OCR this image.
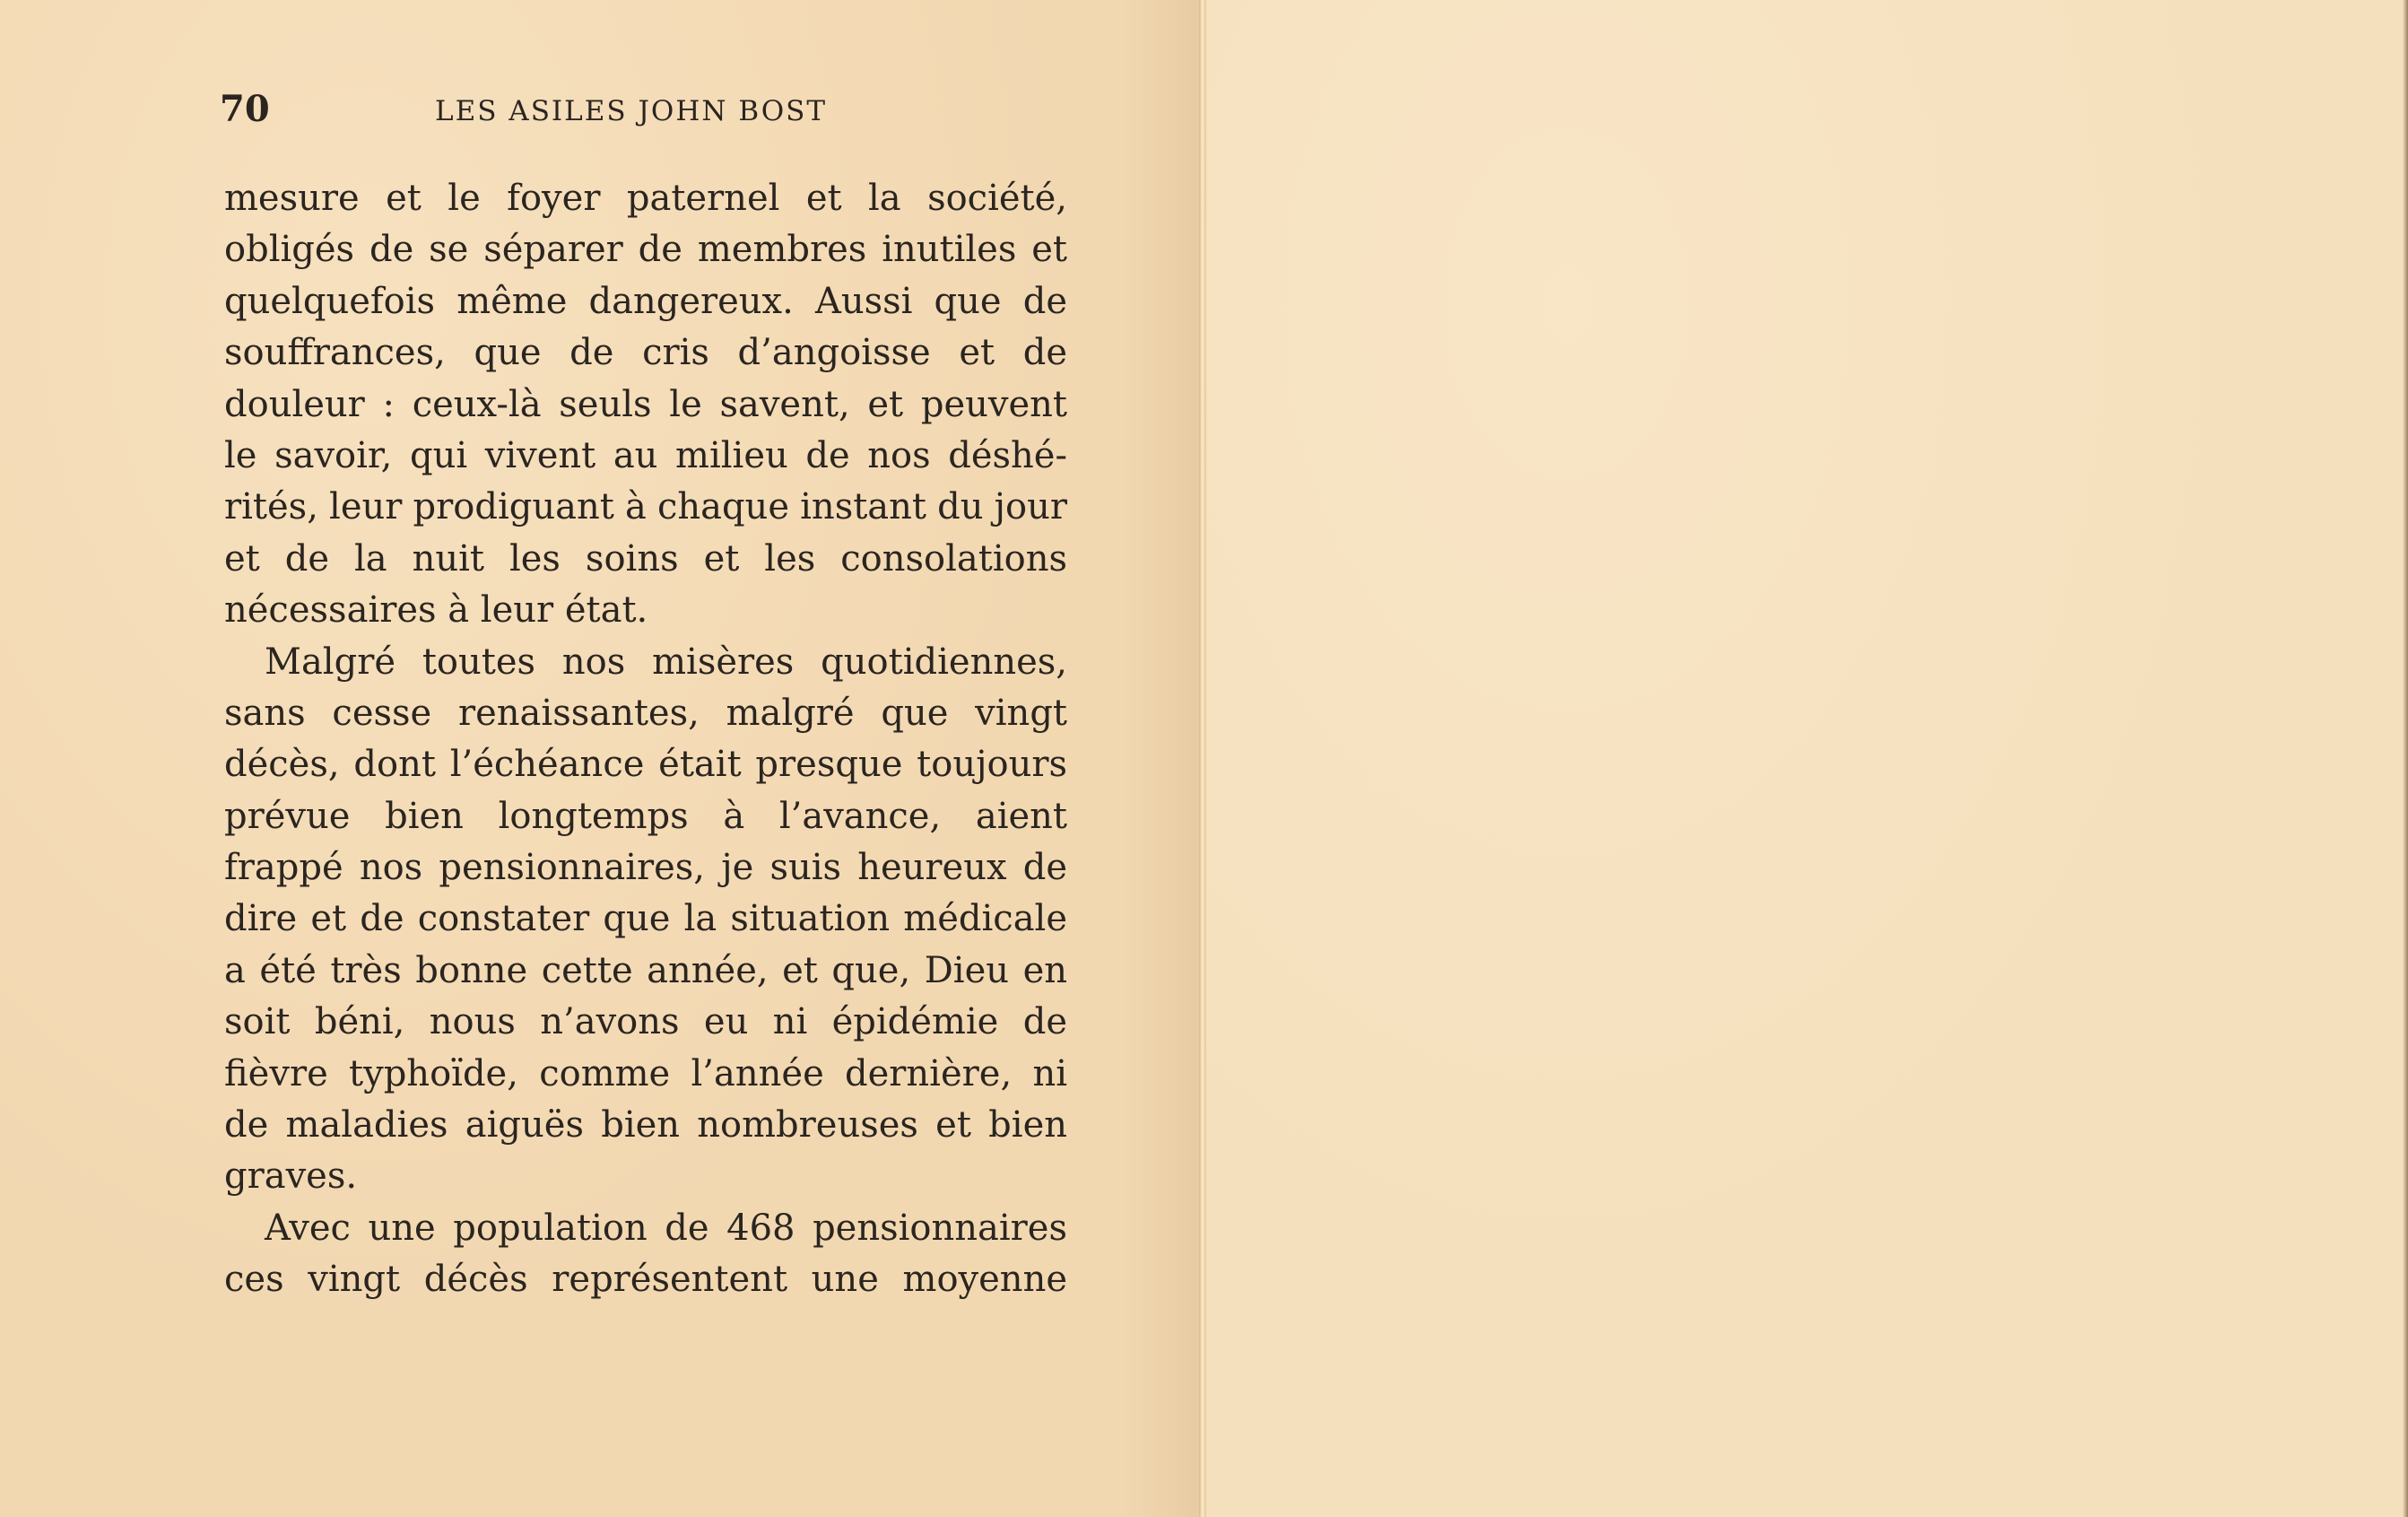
70	LES ASILES JOHN BOST
mesure et le foyer paternel et la société,
obligés de se séparer de membres inutiles et
quelquefois même dangereux. Aussi que de
souffrances, que de cris d’angoisse et de
douleur : ceux-là seuls le savent, et peuvent
le savoir, qui vivent au milieu de nos déshé-
rités, leur prodiguant à chaque instant du jour
et de la nuit les soins et les consolations
nécessaires à leur état.
Malgré toutes nos misères quotidiennes,
sans cesse renaissantes, malgré que vingt
décès, dont l’échéance était presque toujours
prévue bien longtemps à l’avance, aient
frappé nos pensionnaires, je suis heureux de
dire et de constater que la situation médicale
a été très bonne cette année, et que, Dieu en
soit béni, nous n’avons eu ni épidémie de
fièvre typhoïde, comme l’année dernière, ni
de maladies aiguës bien nombreuses et bien
graves.
Avec une population de 468 pensionnaires
ces vingt décès représentent une moyenne
